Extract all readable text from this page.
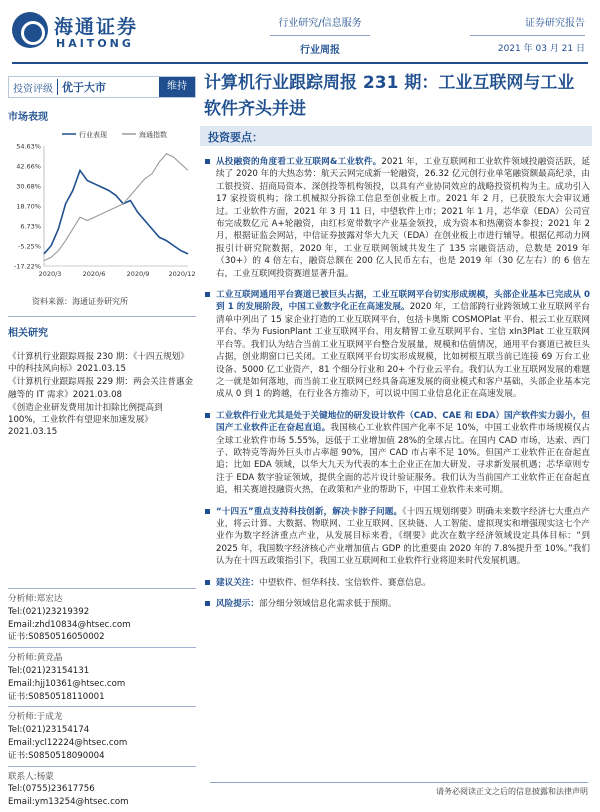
海通证券
HAITONG
行业研究/信息服务
行业周报
证券研究报告
2021 年 03 月 21 日
投资评级 优于大市	维持
市场表现
行业表现	海通指数
54.63%
42.66%
30.68%
18.70%
6.73%
-5.25%
-17.22%
2020/3	2020/6	2020/9	2020/12
资料来源：海通证券研究所
相关研究
《计算机行业跟踪周报 230 期：《十四五规划》中的科技风向标》2021.03.15
《计算机行业跟踪周报 229 期：两会关注普惠金融等的 IT 需求》2021.03.08
《创造企业研发费用加计扣除比例提高到 100%，工业软件有望迎来加速发展》2021.03.15
分析师:郑宏达
Tel:(021)23219392
Email:zhd10834@htsec.com
证书:S0850516050002
分析师:黄竞晶
Tel:(021)23154131
Email:hjj10361@htsec.com
证书:S0850518110001
分析师:于成龙
Tel:(021)23154174
Email:ycl12224@htsec.com
证书:S0850518090004
联系人:杨蒙
Tel:(0755)23617756
Email:ym13254@htsec.com
计算机行业跟踪周报 231 期：工业互联网与工业软件齐头并进
投资要点：
从投融资的角度看工业互联网&工业软件。2021 年，工业互联网和工业软件领域投融资活跃，延续了 2020 年的大热态势：航天云网完成新一轮融资，26.32 亿元创行业单笔融资额最高纪录，由工银投资、招商局资本、深创投等机构领投，以具有产业协同效应的战略投资机构为主。成功引入 17 家投资机构；徐工机械拟分拆徐工信息至创业板上市。2021 年 2 月，已获股东大会审议通过。工业软件方面，2021 年 3 月 11 日，中望软件上市；2021 年 1 月，芯华章（EDA）公司宣布完成数亿元 A+轮融资，由红杉宽带数字产业基金领投，成为资本和热潮资本参投；2021 年 2 月，根据证监会网站，中信证券披露对华大九天（EDA）在创业板上市进行辅导。根据亿邦动力网报引计研究院数据，2020 年，工业互联网领域共发生了 135 宗融资活动，总数是 2019 年（30+）的 4 倍左右，融资总额在 200 亿人民币左右，也是 2019 年（30 亿左右）的 6 倍左右，工业互联网投资赛道显著升温。
工业互联网通用平台赛道已被巨头占据，工业互联网平台切实形成规模，头部企业基本已完成从 0 到 1 的发展阶段，中国工业数字化正在高速发展。2020 年，工信部跨行业跨领域工业互联网平台清单中列出了 15 家企业打造的工业互联网平台，包括卡奥斯 COSMOPlat 平台、根云工业互联网平台、华为 FusionPlant 工业互联网平台、用友精智工业互联网平台、宝信 xIn3Plat 工业互联网平台等。我们认为结合当前工业互联网平台整合发展量，规模和估值情况，通用平台赛道已被巨头占据，创业期窗口已关闭。工业互联网平台切实形成规模，比如树根互联当前已连接 69 万台工业设备、5000 亿工业资产，81 个细分行业和 20+ 个行业云平台。我们认为工业互联网发展的难题之一就是如何落地，而当前工业互联网已经具备高速发展的商业模式和客户基础，头部企业基本完成从 0 到 1 的跨越，在行业各方推动下，可以说中国工业信息化正在高速发展。
工业软件行业尤其是处于关键地位的研发设计软件（CAD、CAE 和 EDA）国产软件实力弱小，但国产工业软件正在奋起直追。我国核心工业软件国产化率不足 10%，中国工业软件市场规模仅占全球工业软件市场 5.55%，远低于工业增加值 28%的全球占比。在国内 CAD 市场，达索、西门子、欧特克等海外巨头市占率超 90%，国产 CAD 市占率不足 10%。但国产工业软件正在奋起直追；比如 EDA 领域，以华大九天为代表的本土企业正在加大研发、寻求新发展机遇；芯华章则专注于 EDA 数字验证领域，提供全面的芯片设计验证服务。我们认为当前国产工业软件正在奋起直追，相关赛道投融资火热，在政策和产业的帮助下，中国工业软件未来可期。
“十四五”重点支持科技创新，解决卡脖子问题。《十四五规划纲要》明确未来数字经济七大重点产业，将云计算、大数据、物联网、工业互联网、区块链、人工智能、虚拟现实和增强现实这七个产业作为数字经济重点产业，从发展目标来看，《纲要》此次在数字经济领域设定具体目标：“到 2025 年，我国数字经济核心产业增加值占 GDP 的比重要由 2020 年的 7.8%提升至 10%。”我们认为在十四五政策指引下，我国工业互联网和工业软件行业将迎来时代发展机遇。
建议关注：中望软件、恒华科技、宝信软件、赛意信息。
风险提示：部分细分领域信息化需求低于预期。
请务必阅读正文之后的信息披露和法律声明
